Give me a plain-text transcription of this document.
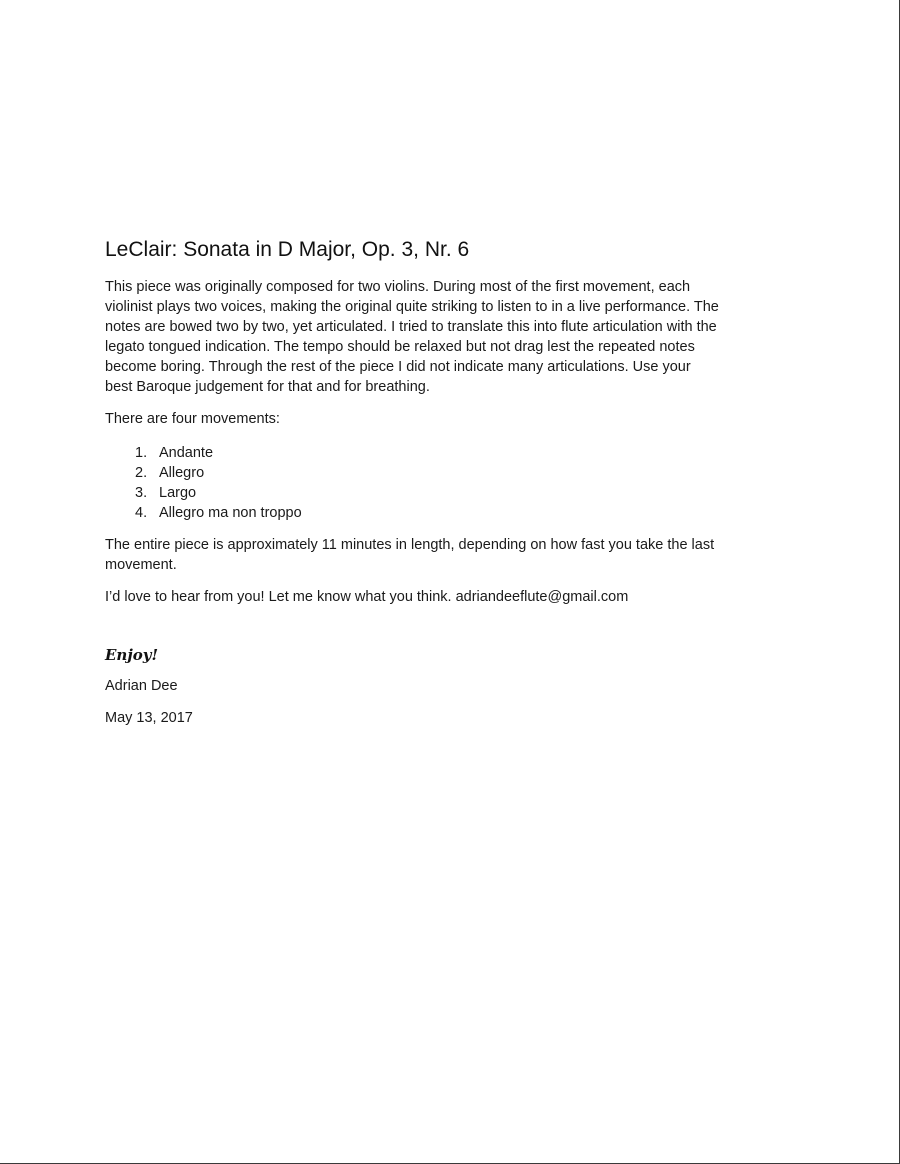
LeClair: Sonata in D Major, Op. 3, Nr. 6

This piece was originally composed for two violins. During most of the first movement, each
violinist plays two voices, making the original quite striking to listen to in a live performance. The
notes are bowed two by two, yet articulated. I tried to translate this into flute articulation with the
legato tongued indication. The tempo should be relaxed but not drag lest the repeated notes
become boring. Through the rest of the piece I did not indicate many articulations. Use your
best Baroque judgement for that and for breathing.

There are four movements:

1. Andante
2. Allegro
3. Largo
4. Allegro ma non troppo

The entire piece is approximately 11 minutes in length, depending on how fast you take the last
movement.

I’d love to hear from you! Let me know what you think. adriandeeflute@gmail.com

Enjoy!

Adrian Dee

May 13, 2017
